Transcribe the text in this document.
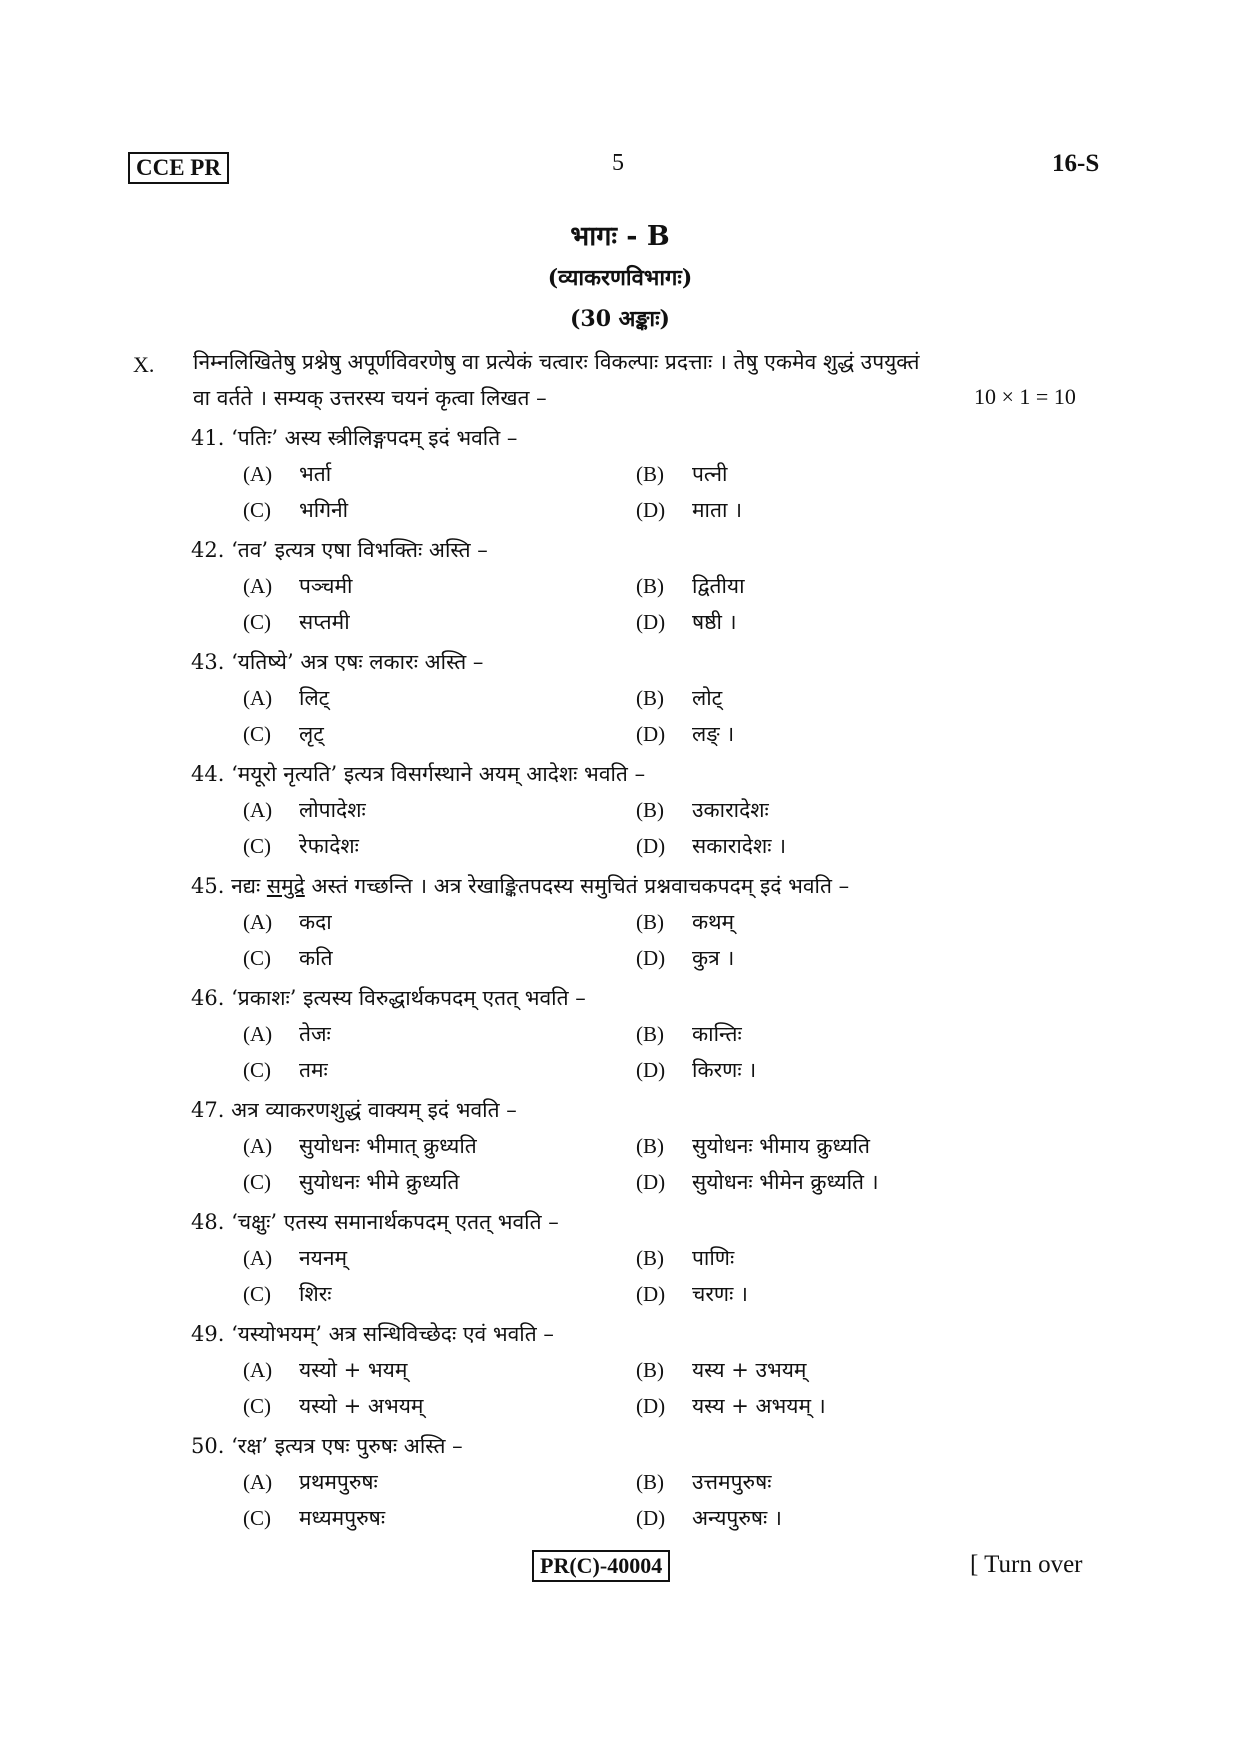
CCE PR	5	16-S
भागः - B
(व्याकरणविभागः)
(30 अङ्काः)
X. निम्नलिखितेषु प्रश्नेषु अपूर्णविवरणेषु वा प्रत्येकं चत्वारः विकल्पाः प्रदत्ताः । तेषु एकमेव शुद्धं उपयुक्तं
वा वर्तते । सम्यक् उत्तरस्य चयनं कृत्वा लिखत –	10 × 1 = 10
41. ‘पतिः’ अस्य स्त्रीलिङ्गपदम् इदं भवति –
(A) भर्ता	(B) पत्नी
(C) भगिनी	(D) माता ।
42. ‘तव’ इत्यत्र एषा विभक्तिः अस्ति –
(A) पञ्चमी	(B) द्वितीया
(C) सप्तमी	(D) षष्ठी ।
43. ‘यतिष्ये’ अत्र एषः लकारः अस्ति –
(A) लिट्	(B) लोट्
(C) लृट्	(D) लङ् ।
44. ‘मयूरो नृत्यति’ इत्यत्र विसर्गस्थाने अयम् आदेशः भवति –
(A) लोपादेशः	(B) उकारादेशः
(C) रेफादेशः	(D) सकारादेशः ।
45. नद्यः समुद्रे अस्तं गच्छन्ति । अत्र रेखाङ्कितपदस्य समुचितं प्रश्नवाचकपदम् इदं भवति –
(A) कदा	(B) कथम्
(C) कति	(D) कुत्र ।
46. ‘प्रकाशः’ इत्यस्य विरुद्धार्थकपदम् एतत् भवति –
(A) तेजः	(B) कान्तिः
(C) तमः	(D) किरणः ।
47. अत्र व्याकरणशुद्धं वाक्यम् इदं भवति –
(A) सुयोधनः भीमात् क्रुध्यति	(B) सुयोधनः भीमाय क्रुध्यति
(C) सुयोधनः भीमे क्रुध्यति	(D) सुयोधनः भीमेन क्रुध्यति ।
48. ‘चक्षुः’ एतस्य समानार्थकपदम् एतत् भवति –
(A) नयनम्	(B) पाणिः
(C) शिरः	(D) चरणः ।
49. ‘यस्योभयम्’ अत्र सन्धिविच्छेदः एवं भवति –
(A) यस्यो + भयम्	(B) यस्य + उभयम्
(C) यस्यो + अभयम्	(D) यस्य + अभयम् ।
50. ‘रक्ष’ इत्यत्र एषः पुरुषः अस्ति –
(A) प्रथमपुरुषः	(B) उत्तमपुरुषः
(C) मध्यमपुरुषः	(D) अन्यपुरुषः ।
PR(C)-40004	[ Turn over
